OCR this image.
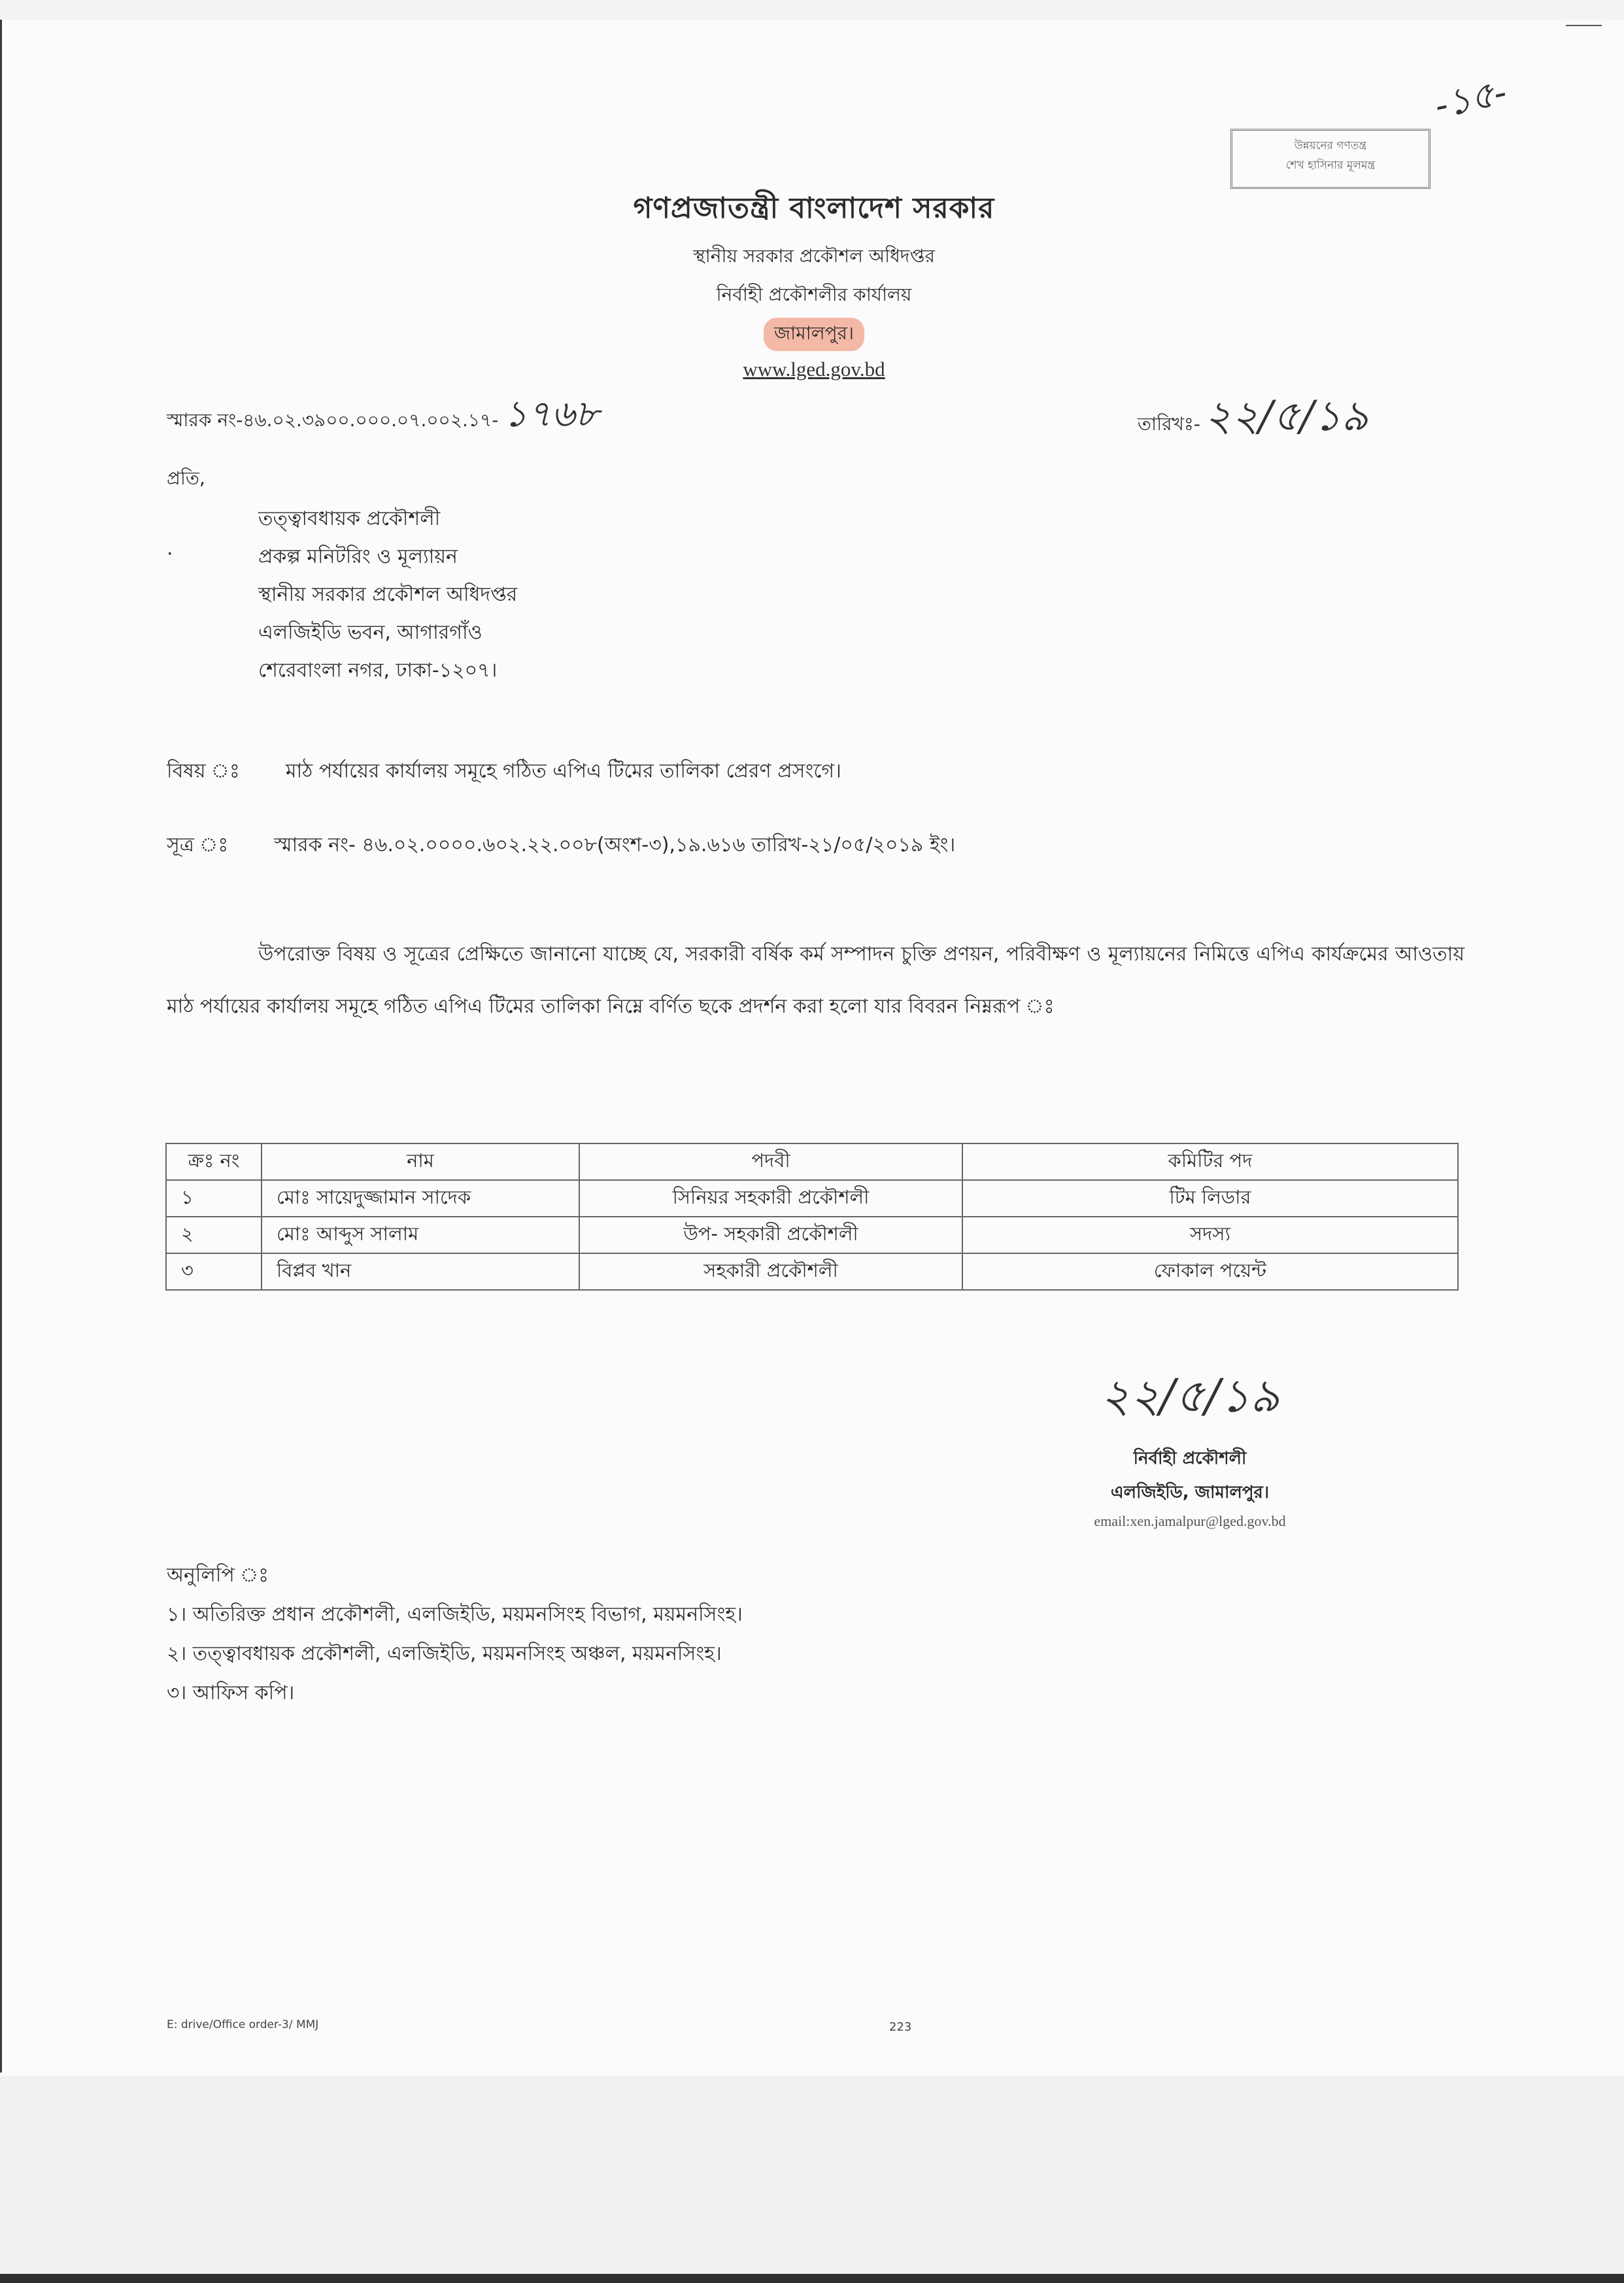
উন্নয়নের গণতন্ত্র
শেখ হাসিনার মূলমন্ত্র
-১৫-
গণপ্রজাতন্ত্রী বাংলাদেশ সরকার
স্থানীয় সরকার প্রকৌশল অধিদপ্তর
নির্বাহী প্রকৌশলীর কার্যালয়
জামালপুর।
www.lged.gov.bd
স্মারক নং-৪৬.০২.৩৯০০.০০০.০৭.০০২.১৭- ১৭৬৮	তারিখঃ-২২/৫/১৯
প্রতি,
·
তত্ত্বাবধায়ক প্রকৌশলী
প্রকল্প মনিটরিং ও মূল্যায়ন
স্থানীয় সরকার প্রকৌশল অধিদপ্তর
এলজিইডি ভবন, আগারগাঁও
শেরেবাংলা নগর, ঢাকা-১২০৭।
বিষয় ঃ মাঠ পর্যায়ের কার্যালয় সমূহে গঠিত এপিএ টিমের তালিকা প্রেরণ প্রসংগে।
সূত্র ঃ স্মারক নং- ৪৬.০২.০০০০.৬০২.২২.০০৮(অংশ-৩),১৯.৬১৬ তারিখ-২১/০৫/২০১৯ ইং।
উপরোক্ত বিষয় ও সূত্রের প্রেক্ষিতে জানানো যাচ্ছে যে, সরকারী বর্ষিক কর্ম সম্পাদন চুক্তি প্রণয়ন, পরিবীক্ষণ ও মূল্যায়নের নিমিত্তে এপিএ কার্যক্রমের আওতায় মাঠ পর্যায়ের কার্যালয় সমূহে গঠিত এপিএ টিমের তালিকা নিম্নে বর্ণিত ছকে প্রদর্শন করা হলো যার বিবরন নিম্নরূপ ঃ
ক্রঃ নং	নাম	পদবী	কমিটির পদ
১	মোঃ সায়েদুজ্জামান সাদেক	সিনিয়র সহকারী প্রকৌশলী	টিম লিডার
২	মোঃ আব্দুস সালাম	উপ- সহকারী প্রকৌশলী	সদস্য
৩	বিপ্লব খান	সহকারী প্রকৌশলী	ফোকাল পয়েন্ট
২২/৫/১৯
নির্বাহী প্রকৌশলী
এলজিইডি, জামালপুর।
email:xen.jamalpur@lged.gov.bd
অনুলিপি ঃ
১। অতিরিক্ত প্রধান প্রকৌশলী, এলজিইডি, ময়মনসিংহ বিভাগ, ময়মনসিংহ।
২। তত্ত্বাবধায়ক প্রকৌশলী, এলজিইডি, ময়মনসিংহ অঞ্চল, ময়মনসিংহ।
৩। আফিস কপি।
E: drive/Office order-3/ MMJ	223
